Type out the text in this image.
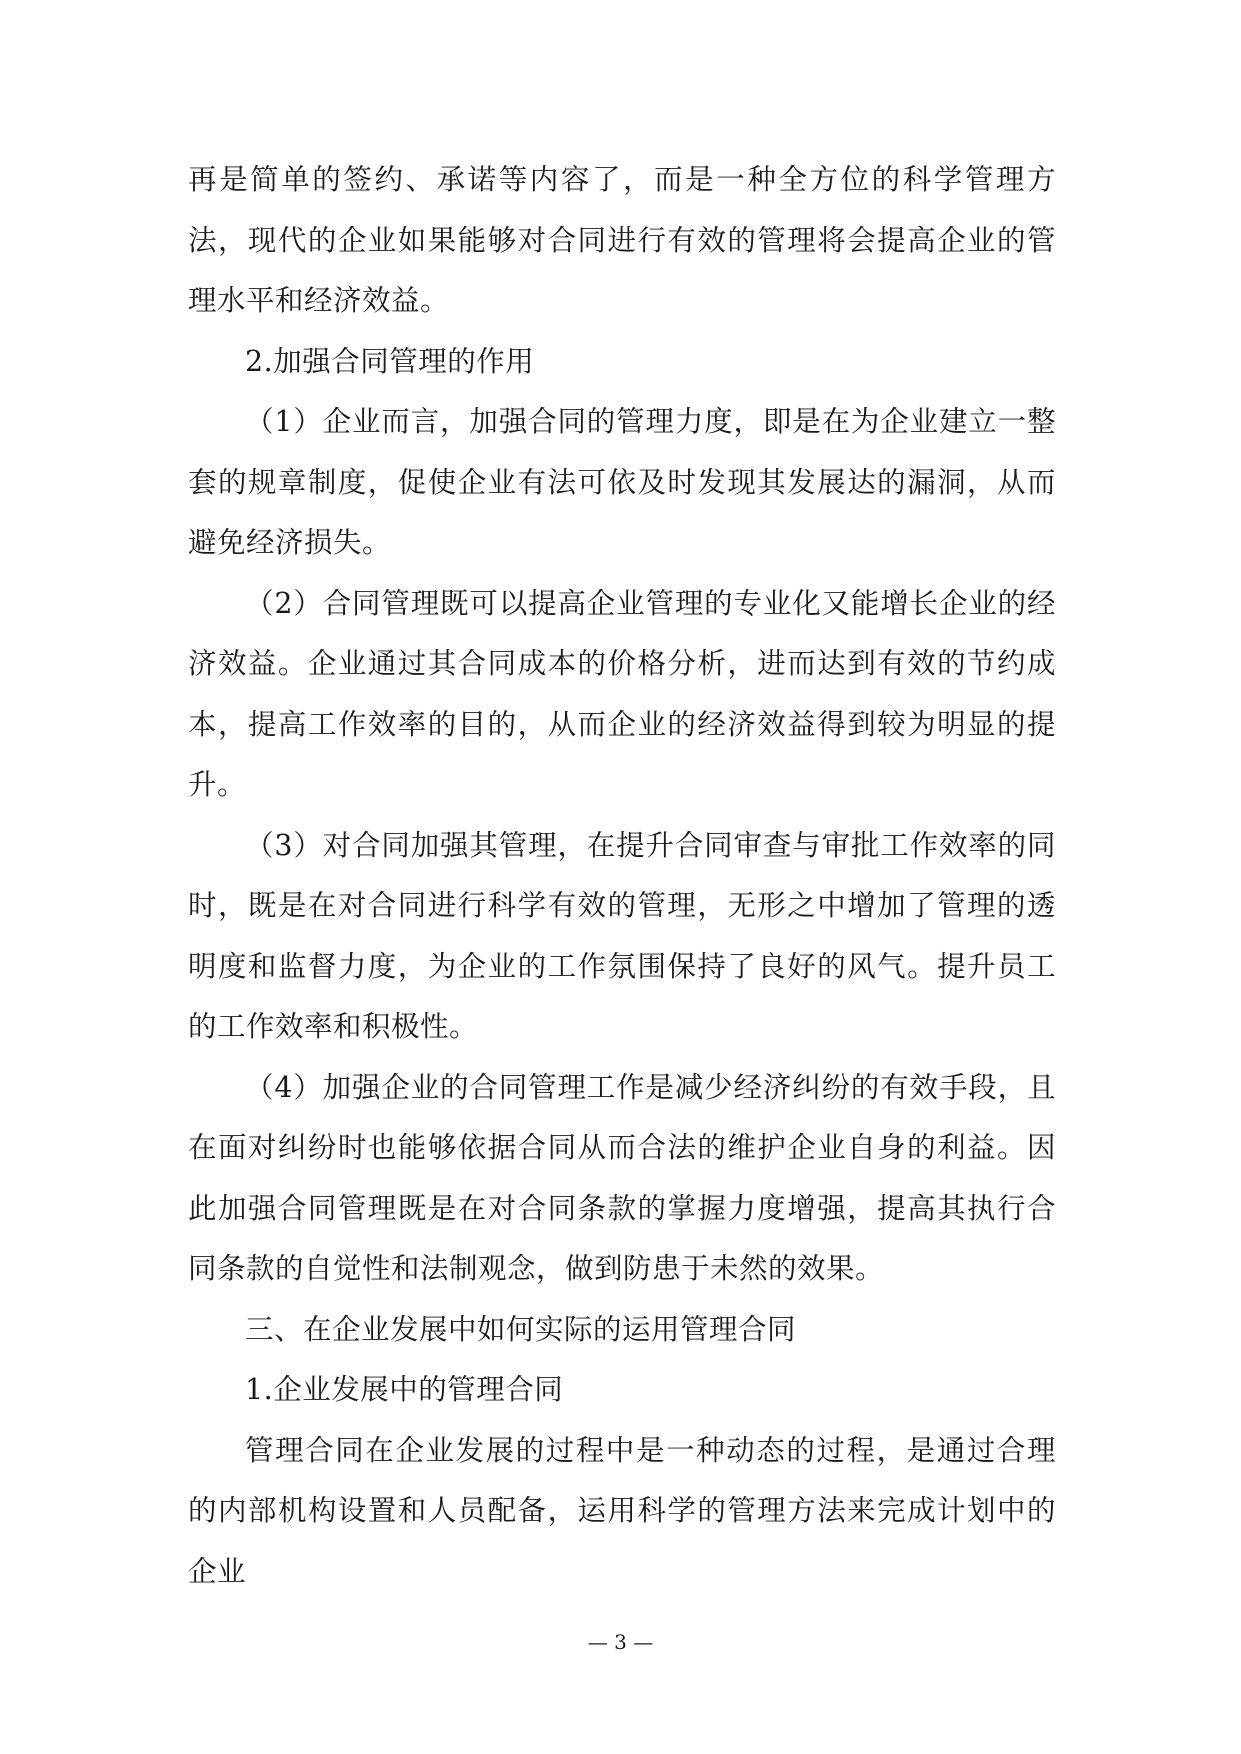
再是简单的签约、承诺等内容了，而是一种全方位的科学管理方法，现代的企业如果能够对合同进行有效的管理将会提高企业的管理水平和经济效益。

2.加强合同管理的作用

（1）企业而言，加强合同的管理力度，即是在为企业建立一整套的规章制度，促使企业有法可依及时发现其发展达的漏洞，从而避免经济损失。

（2）合同管理既可以提高企业管理的专业化又能增长企业的经济效益。企业通过其合同成本的价格分析，进而达到有效的节约成本，提高工作效率的目的，从而企业的经济效益得到较为明显的提升。

（3）对合同加强其管理，在提升合同审查与审批工作效率的同时，既是在对合同进行科学有效的管理，无形之中增加了管理的透明度和监督力度，为企业的工作氛围保持了良好的风气。提升员工的工作效率和积极性。

（4）加强企业的合同管理工作是减少经济纠纷的有效手段，且在面对纠纷时也能够依据合同从而合法的维护企业自身的利益。因此加强合同管理既是在对合同条款的掌握力度增强，提高其执行合同条款的自觉性和法制观念，做到防患于未然的效果。

三、在企业发展中如何实际的运用管理合同

1.企业发展中的管理合同

管理合同在企业发展的过程中是一种动态的过程，是通过合理的内部机构设置和人员配备，运用科学的管理方法来完成计划中的企业

— 3 —
